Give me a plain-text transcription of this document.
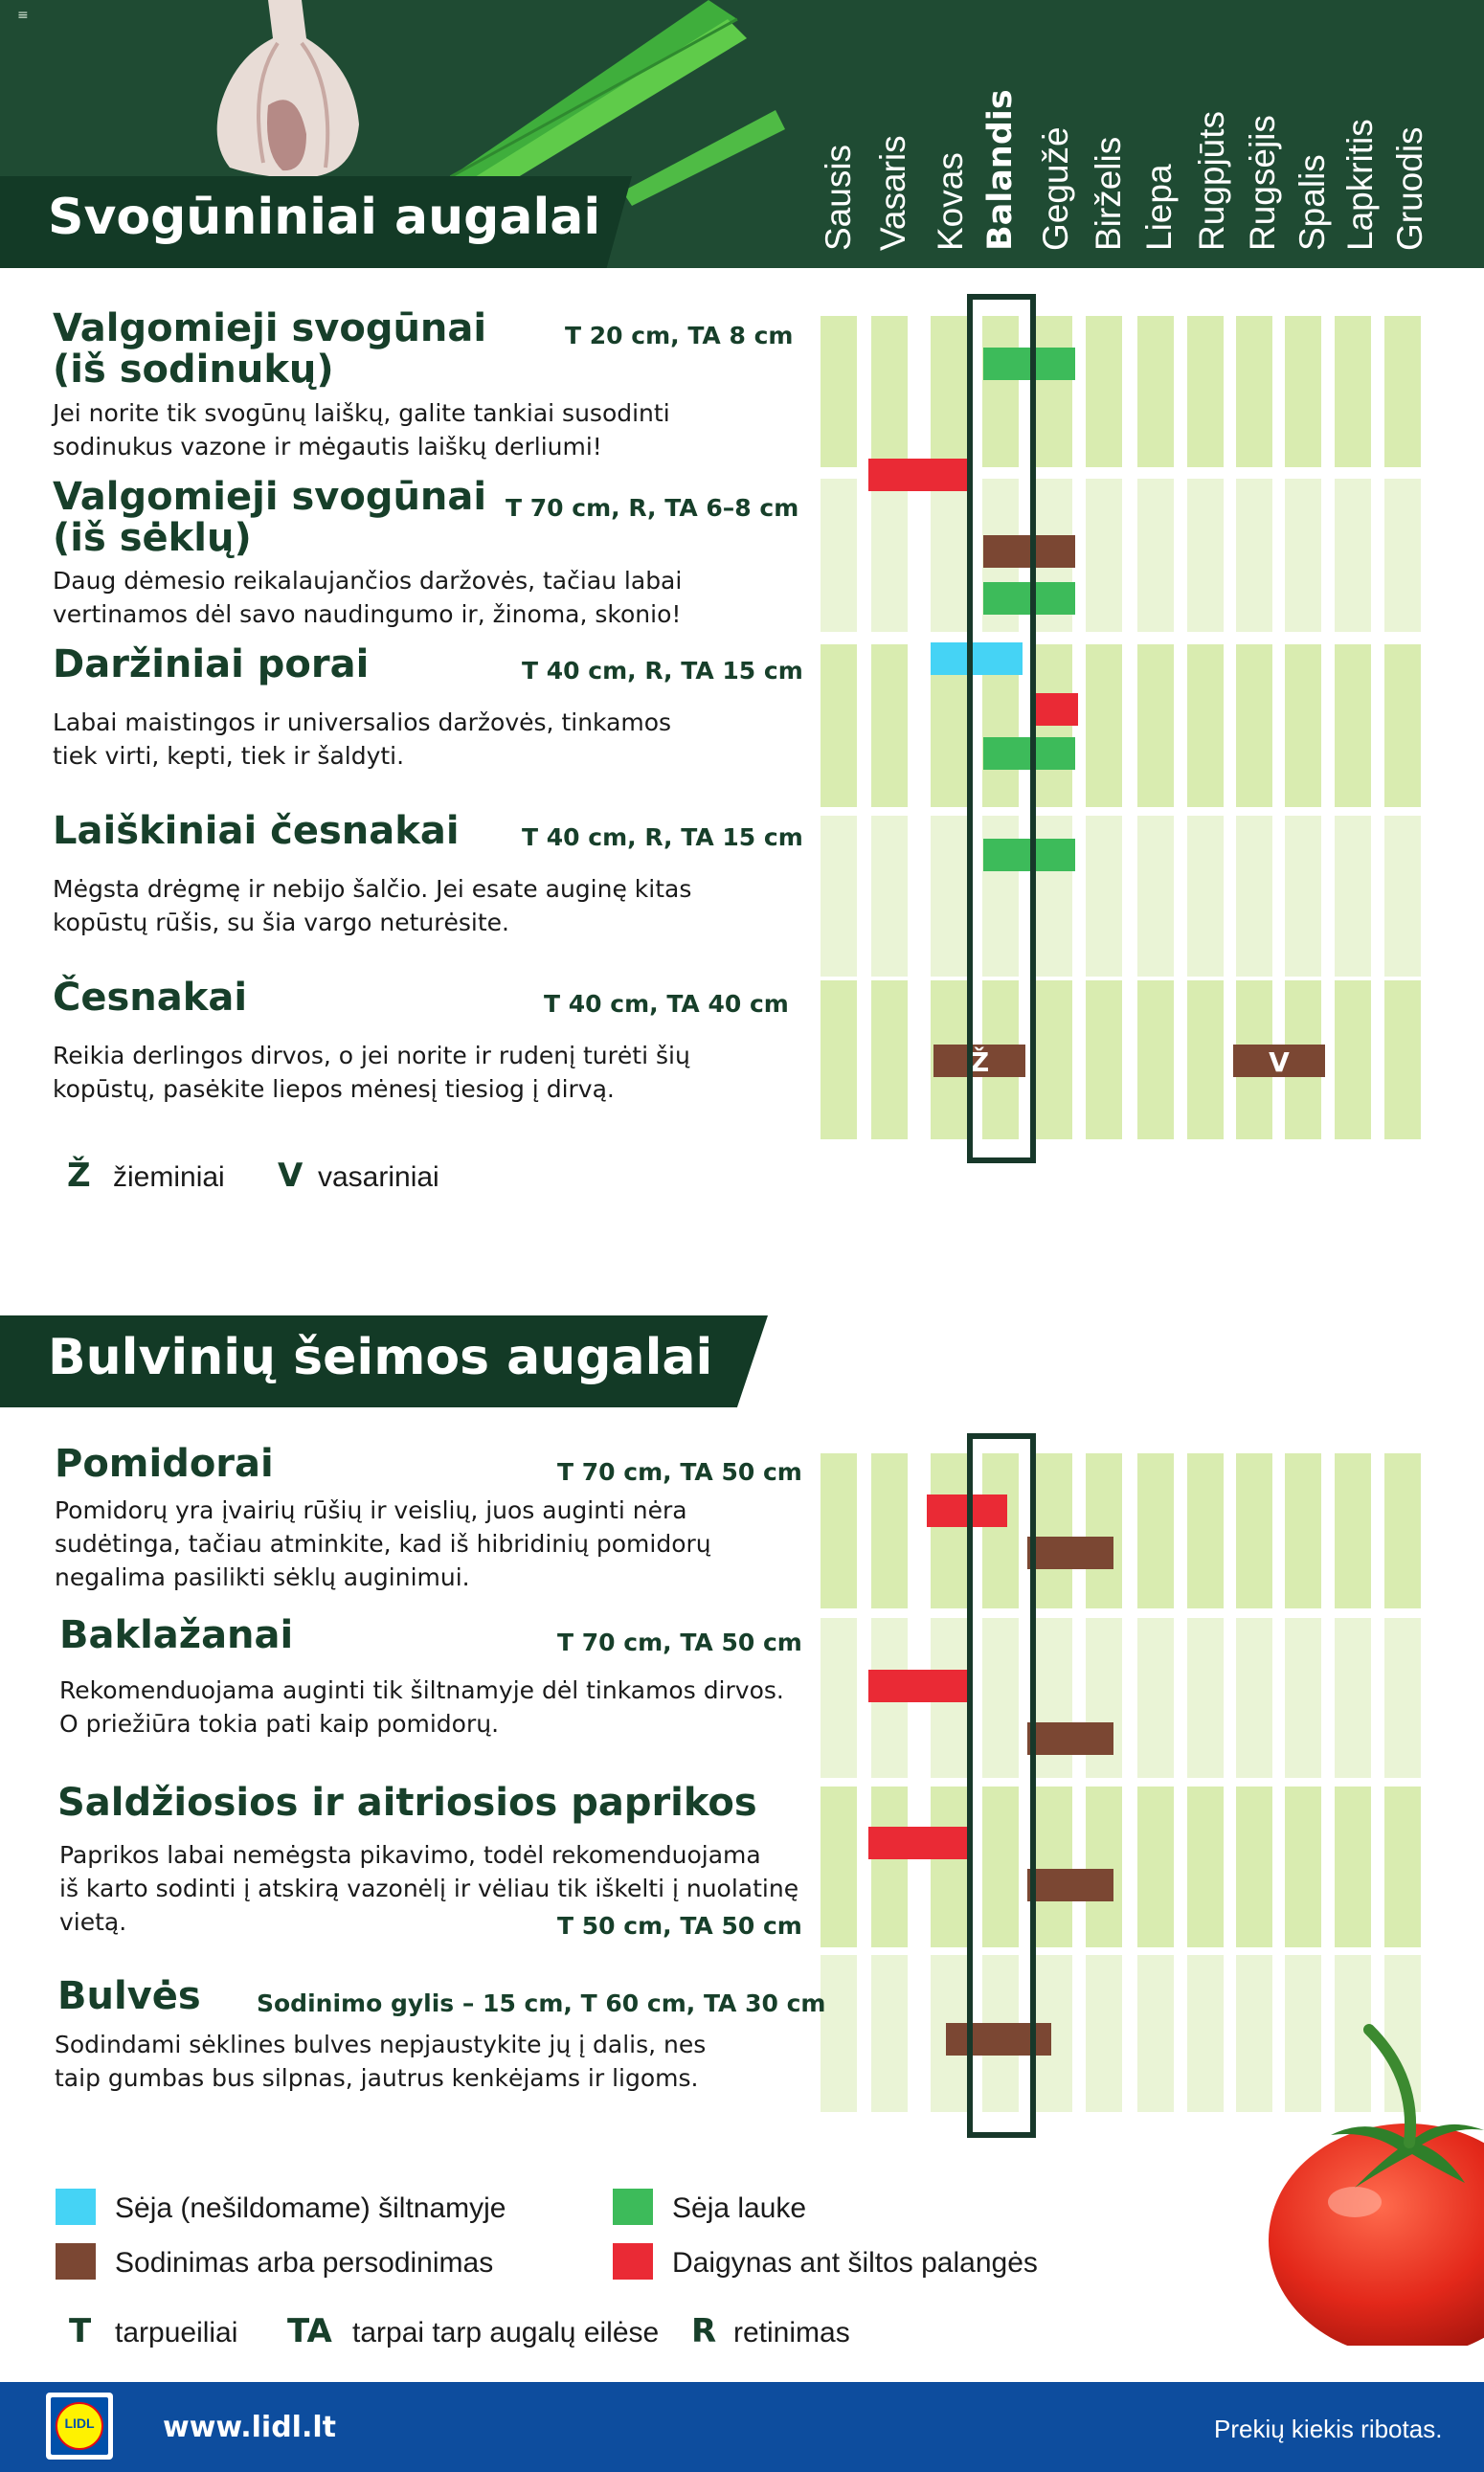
≡
Svogūniniai augalai	Sausis Vasaris Kovas Balandis Gegužė Birželis Liepa Rugpjūts Rugsėjis Spalis Lapkritis Gruodis
Ž	V
Valgomieji svogūnai
(iš sodinukų)
T 20 cm, TA 8 cm
Jei norite tik svogūnų laiškų, galite tankiai susodinti
sodinukus vazone ir mėgautis laiškų derliumi!
Valgomieji svogūnai
(iš sėklų)
T 70 cm, R, TA 6–8 cm
Daug dėmesio reikalaujančios daržovės, tačiau labai
vertinamos dėl savo naudingumo ir, žinoma, skonio!
Daržiniai porai	T 40 cm, R, TA 15 cm
Labai maistingos ir universalios daržovės, tinkamos
tiek virti, kepti, tiek ir šaldyti.
Laiškiniai česnakai	T 40 cm, R, TA 15 cm
Mėgsta drėgmę ir nebijo šalčio. Jei esate auginę kitas
kopūstų rūšis, su šia vargo neturėsite.
Česnakai	T 40 cm, TA 40 cm
Reikia derlingos dirvos, o jei norite ir rudenį turėti šių
kopūstų, pasėkite liepos mėnesį tiesiog į dirvą.
Ž žieminiai V vasariniai
Bulvinių šeimos augalai
Pomidorai	T 70 cm, TA 50 cm
Pomidorų yra įvairių rūšių ir veislių, juos auginti nėra
sudėtinga, tačiau atminkite, kad iš hibridinių pomidorų
negalima pasilikti sėklų auginimui.
Baklažanai	T 70 cm, TA 50 cm
Rekomenduojama auginti tik šiltnamyje dėl tinkamos dirvos.
O priežiūra tokia pati kaip pomidorų.
Saldžiosios ir aitriosios paprikos
Paprikos labai nemėgsta pikavimo, todėl rekomenduojama
iš karto sodinti į atskirą vazonėlį ir vėliau tik iškelti į nuolatinę
vietą.	T 50 cm, TA 50 cm
Bulvės Sodinimo gylis – 15 cm, T 60 cm, TA 30 cm
Sodindami sėklines bulves nepjaustykite jų į dalis, nes
taip gumbas bus silpnas, jautrus kenkėjams ir ligoms.
Sėja (nešildomame) šiltnamyje	Sėja lauke
Sodinimas arba persodinimas	Daigynas ant šiltos palangės
T tarpueiliai TA tarpai tarp augalų eilėse R retinimas
LIDL	www.lidl.lt	Prekių kiekis ribotas.
